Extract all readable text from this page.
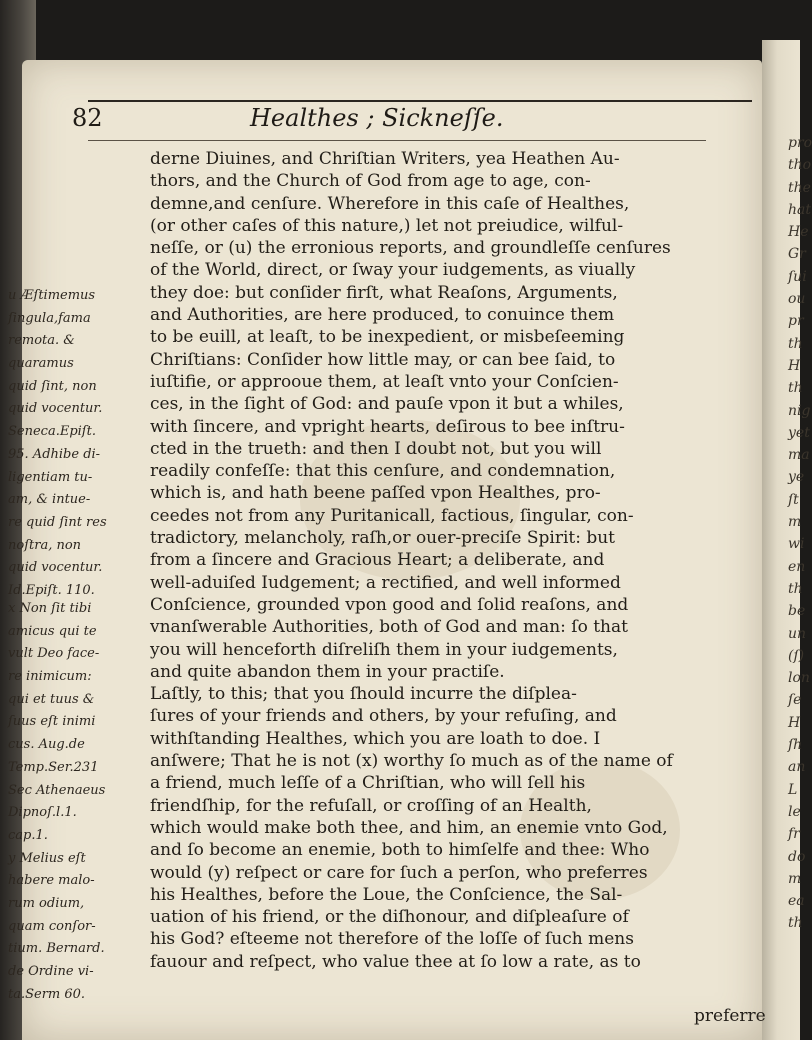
pro
tho
the
hat
He
Gr
ſui
ou
pr
th
H
th
nig
yet
ma
ye
ſt
m
wi
en
th
be
un
(ſ)
lon
ſe
H
ſh
an
L
le
fr
do
m
ea
th
82	Healthes ; Sickneſſe.
u Æſtimemus
ſingula,fama
remota. &
quaramus
quid ſint, non
quid vocentur.
Seneca.Epiſt.
95. Adhibe di-
ligentiam tu-
am, & intue-
re quid ſint res
noſtra, non
quid vocentur.
Id.Epiſt. 110.
x Non ſit tibi
amicus qui te
vult Deo face-
re inimicum:
qui et tuus &
ſuus eſt inimi
cus. Aug.de
Temp.Ser.231
Sec Athenaeus
Dipnoſ.l.1.
cap.1.
y Melius eſt
habere malo-
rum odium,
quam conſor-
tium. Bernard.
de Ordine vi-
ta.Serm 60.
derne Diuines, and Chriſtian Writers, yea Heathen Au-
thors, and the Church of God from age to age, con-
demne,and cenſure. Wherefore in this caſe of Healthes,
(or other caſes of this nature,) let not preiudice, wilful-
neſſe, or (u) the erronious reports, and groundleſſe cenſures
of the World, direct, or ſway your iudgements, as viually
they doe: but conſider firſt, what Reaſons, Arguments,
and Authorities, are here produced, to conuince them
to be euill, at leaſt, to be inexpedient, or misbeſeeming
Chriſtians: Conſider how little may, or can bee ſaid, to
iuſtifie, or approoue them, at leaſt vnto your Conſcien-
ces, in the ſight of God: and pauſe vpon it but a whiles,
with ſincere, and vpright hearts, deſirous to bee inſtru-
cted in the trueth: and then I doubt not, but you will
readily confeſſe: that this cenſure, and condemnation,
which is, and hath beene paſſed vpon Healthes, pro-
ceedes not from any Puritanicall, factious, ſingular, con-
tradictory, melancholy, raſh,or ouer-preciſe Spirit: but
from a ſincere and Gracious Heart; a deliberate, and
well-aduiſed Iudgement; a rectified, and well informed
Conſcience, grounded vpon good and ſolid reaſons, and
vnanſwerable Authorities, both of God and man: ſo that
you will henceforth diſreliſh them in your iudgements,
and quite abandon them in your practiſe.
Laſtly, to this; that you ſhould incurre the diſplea-
ſures of your friends and others, by your refuſing, and
withſtanding Healthes, which you are loath to doe. I
anſwere; That he is not (x) worthy ſo much as of the name of
a friend, much leſſe of a Chriſtian, who will ſell his
friendſhip, for the refuſall, or croſſing of an Health,
which would make both thee, and him, an enemie vnto God,
and ſo become an enemie, both to himſelfe and thee: Who
would (y) reſpect or care for ſuch a perſon, who preferres
his Healthes, before the Loue, the Conſcience, the Sal-
uation of his friend, or the diſhonour, and diſpleaſure of
his God? eſteeme not therefore of the loſſe of ſuch mens
fauour and reſpect, who value thee at ſo low a rate, as to
preferre
